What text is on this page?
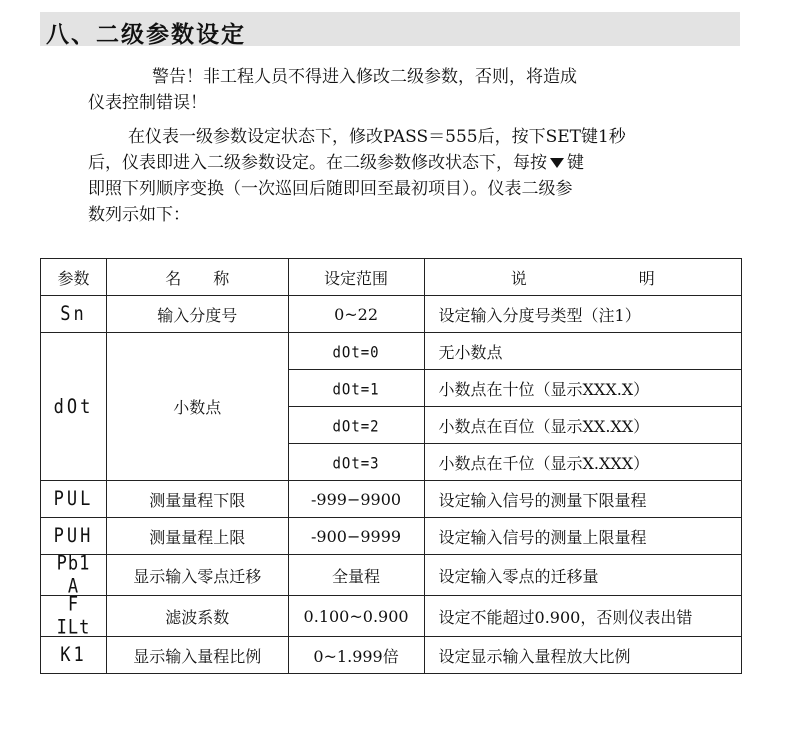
八、二级参数设定
警告！非工程人员不得进入修改二级参数，否则，将造成
仪表控制错误！
在仪表一级参数设定状态下，修改PASS＝555后，按下SET键1秒
后，仪表即进入二级参数设定。在二级参数修改状态下，每按 键
即照下列顺序变换（一次巡回后随即回至最初项目）。仪表二级参
数列示如下：
参数	名　　称	设定范围	说　　　　　　　明
Sn	输入分度号	0~22	设定输入分度号类型（注1）
dOt	小数点	dOt=0	无小数点
		dOt=1	小数点在十位（显示XXX.X）
		dOt=2	小数点在百位（显示XX.XX）
		dOt=3	小数点在千位（显示X.XXX）
PUL	测量量程下限	-999−9900	设定输入信号的测量下限量程
PUH	测量量程上限	-900−9999	设定输入信号的测量上限量程
Pb1 A	显示输入零点迁移	全量程	设定输入零点的迁移量
F ILt	滤波系数	0.100~0.900	设定不能超过0.900，否则仪表出错
K1	显示输入量程比例	0~1.999倍	设定显示输入量程放大比例
